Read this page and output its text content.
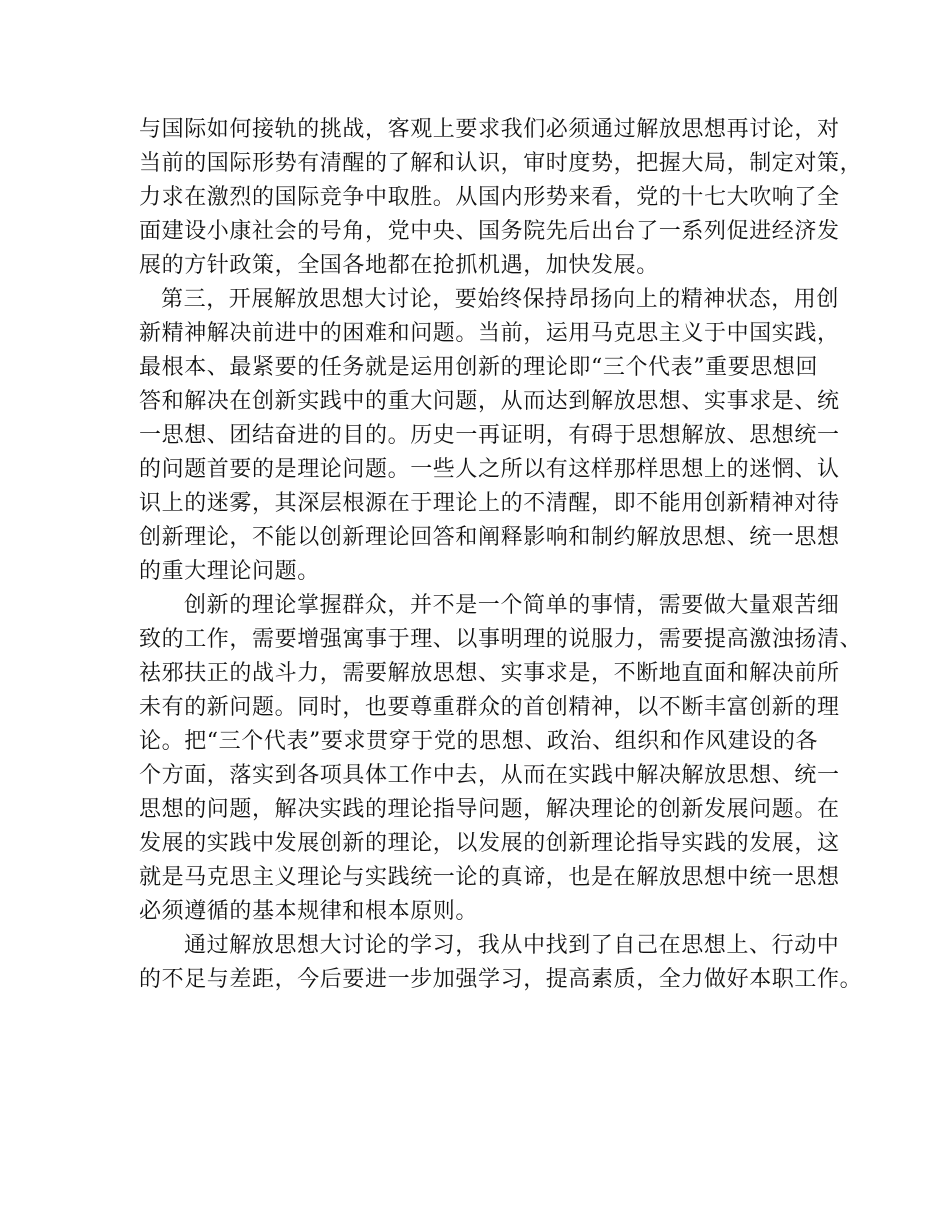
与国际如何接轨的挑战，客观上要求我们必须通过解放思想再讨论，对
当前的国际形势有清醒的了解和认识，审时度势，把握大局，制定对策，
力求在激烈的国际竞争中取胜。从国内形势来看，党的十七大吹响了全
面建设小康社会的号角，党中央、国务院先后出台了一系列促进经济发
展的方针政策，全国各地都在抢抓机遇，加快发展。
第三，开展解放思想大讨论，要始终保持昂扬向上的精神状态，用创
新精神解决前进中的困难和问题。当前，运用马克思主义于中国实践，
最根本、最紧要的任务就是运用创新的理论即“三个代表”重要思想回
答和解决在创新实践中的重大问题，从而达到解放思想、实事求是、统
一思想、团结奋进的目的。历史一再证明，有碍于思想解放、思想统一
的问题首要的是理论问题。一些人之所以有这样那样思想上的迷惘、认
识上的迷雾，其深层根源在于理论上的不清醒，即不能用创新精神对待
创新理论，不能以创新理论回答和阐释影响和制约解放思想、统一思想
的重大理论问题。
创新的理论掌握群众，并不是一个简单的事情，需要做大量艰苦细
致的工作，需要增强寓事于理、以事明理的说服力，需要提高激浊扬清、
祛邪扶正的战斗力，需要解放思想、实事求是，不断地直面和解决前所
未有的新问题。同时，也要尊重群众的首创精神，以不断丰富创新的理
论。把“三个代表”要求贯穿于党的思想、政治、组织和作风建设的各
个方面，落实到各项具体工作中去，从而在实践中解决解放思想、统一
思想的问题，解决实践的理论指导问题，解决理论的创新发展问题。在
发展的实践中发展创新的理论，以发展的创新理论指导实践的发展，这
就是马克思主义理论与实践统一论的真谛，也是在解放思想中统一思想
必须遵循的基本规律和根本原则。
通过解放思想大讨论的学习，我从中找到了自己在思想上、行动中
的不足与差距，今后要进一步加强学习，提高素质，全力做好本职工作。
